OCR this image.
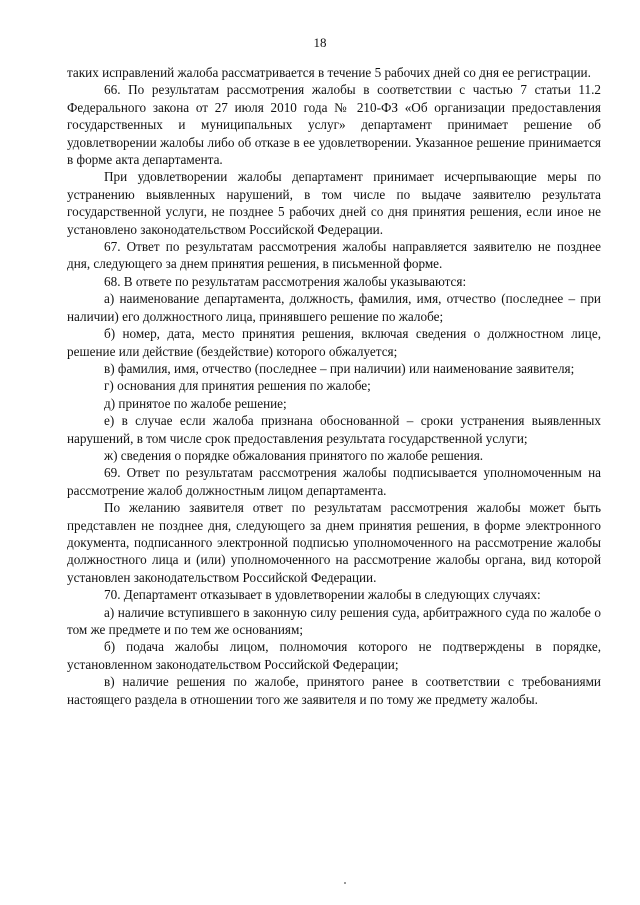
18

таких исправлений жалоба рассматривается в течение 5 рабочих дней со дня ее регистрации.

66. По результатам рассмотрения жалобы в соответствии с частью 7 статьи 11.2 Федерального закона от 27 июля 2010 года № 210-ФЗ «Об организации предоставления государственных и муниципальных услуг» департамент принимает решение об удовлетворении жалобы либо об отказе в ее удовлетворении. Указанное решение принимается в форме акта департамента.

При удовлетворении жалобы департамент принимает исчерпывающие меры по устранению выявленных нарушений, в том числе по выдаче заявителю результата государственной услуги, не позднее 5 рабочих дней со дня принятия решения, если иное не установлено законодательством Российской Федерации.

67. Ответ по результатам рассмотрения жалобы направляется заявителю не позднее дня, следующего за днем принятия решения, в письменной форме.

68. В ответе по результатам рассмотрения жалобы указываются:

а) наименование департамента, должность, фамилия, имя, отчество (последнее – при наличии) его должностного лица, принявшего решение по жалобе;

б) номер, дата, место принятия решения, включая сведения о должностном лице, решение или действие (бездействие) которого обжалуется;

в) фамилия, имя, отчество (последнее – при наличии) или наименование заявителя;

г) основания для принятия решения по жалобе;

д) принятое по жалобе решение;

е) в случае если жалоба признана обоснованной – сроки устранения выявленных нарушений, в том числе срок предоставления результата государственной услуги;

ж) сведения о порядке обжалования принятого по жалобе решения.

69. Ответ по результатам рассмотрения жалобы подписывается уполномоченным на рассмотрение жалоб должностным лицом департамента.

По желанию заявителя ответ по результатам рассмотрения жалобы может быть представлен не позднее дня, следующего за днем принятия решения, в форме электронного документа, подписанного электронной подписью уполномоченного на рассмотрение жалобы должностного лица и (или) уполномоченного на рассмотрение жалобы органа, вид которой установлен законодательством Российской Федерации.

70. Департамент отказывает в удовлетворении жалобы в следующих случаях:

а) наличие вступившего в законную силу решения суда, арбитражного суда по жалобе о том же предмете и по тем же основаниям;

б) подача жалобы лицом, полномочия которого не подтверждены в порядке, установленном законодательством Российской Федерации;

в) наличие решения по жалобе, принятого ранее в соответствии с требованиями настоящего раздела в отношении того же заявителя и по тому же предмету жалобы.
